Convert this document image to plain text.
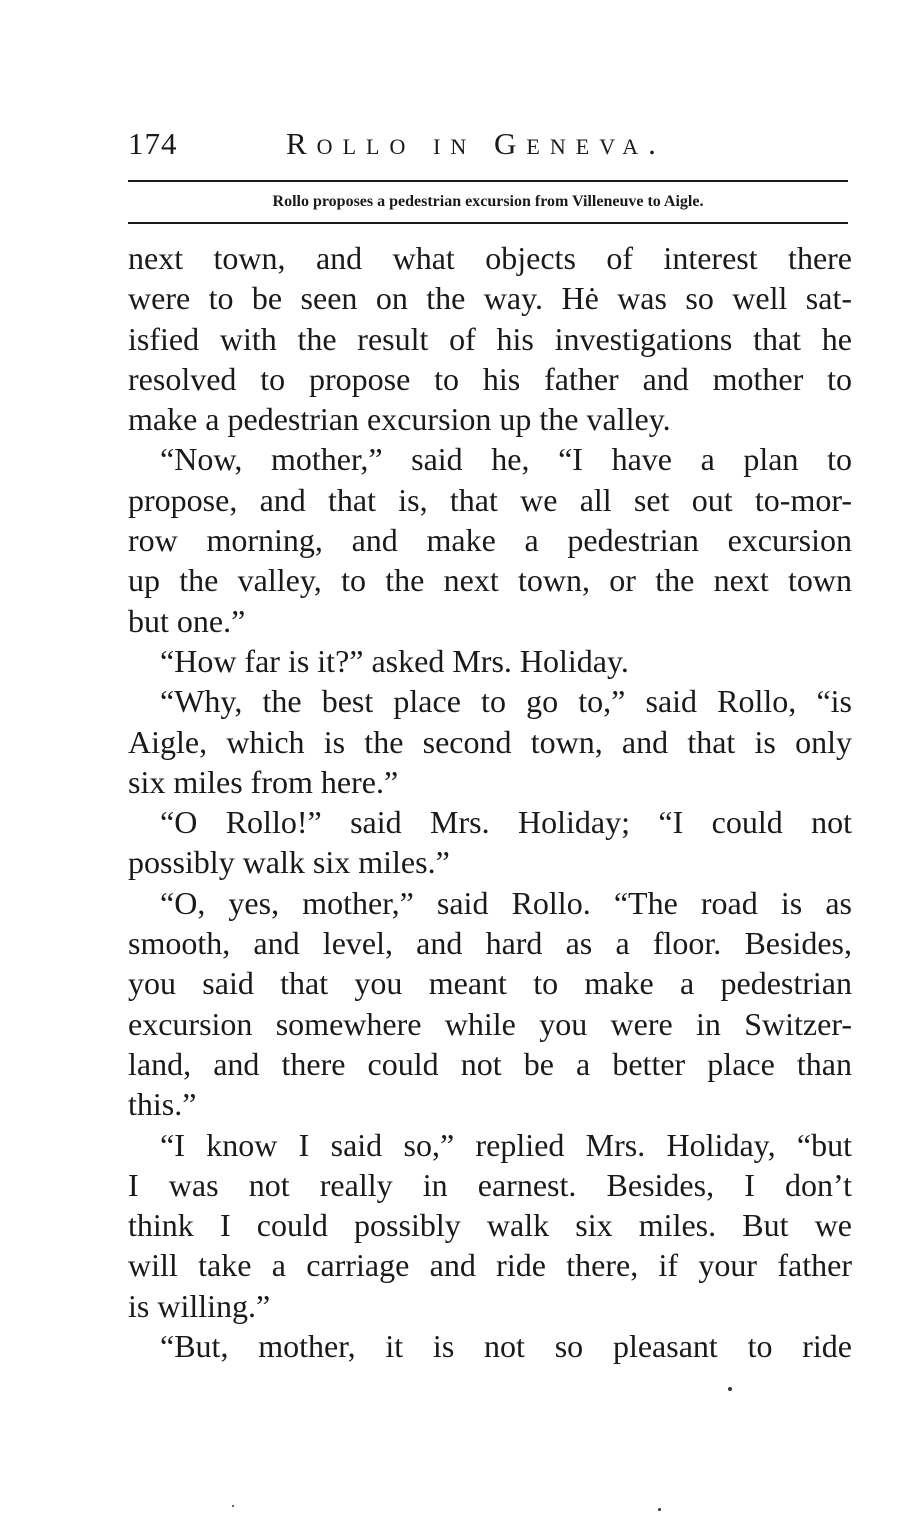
174	Rollo in Geneva.
Rollo proposes a pedestrian excursion from Villeneuve to Aigle.
next town, and what objects of interest there
were to be seen on the way. Hė was so well sat-
isfied with the result of his investigations that he
resolved to propose to his father and mother to
make a pedestrian excursion up the valley.
“Now, mother,” said he, “I have a plan to
propose, and that is, that we all set out to-mor-
row morning, and make a pedestrian excursion
up the valley, to the next town, or the next town
but one.”
“How far is it?” asked Mrs. Holiday.
“Why, the best place to go to,” said Rollo, “is
Aigle, which is the second town, and that is only
six miles from here.”
“O Rollo!” said Mrs. Holiday; “I could not
possibly walk six miles.”
“O, yes, mother,” said Rollo. “The road is as
smooth, and level, and hard as a floor. Besides,
you said that you meant to make a pedestrian
excursion somewhere while you were in Switzer-
land, and there could not be a better place than
this.”
“I know I said so,” replied Mrs. Holiday, “but
I was not really in earnest. Besides, I don’t
think I could possibly walk six miles. But we
will take a carriage and ride there, if your father
is willing.”
“But, mother, it is not so pleasant to ride
